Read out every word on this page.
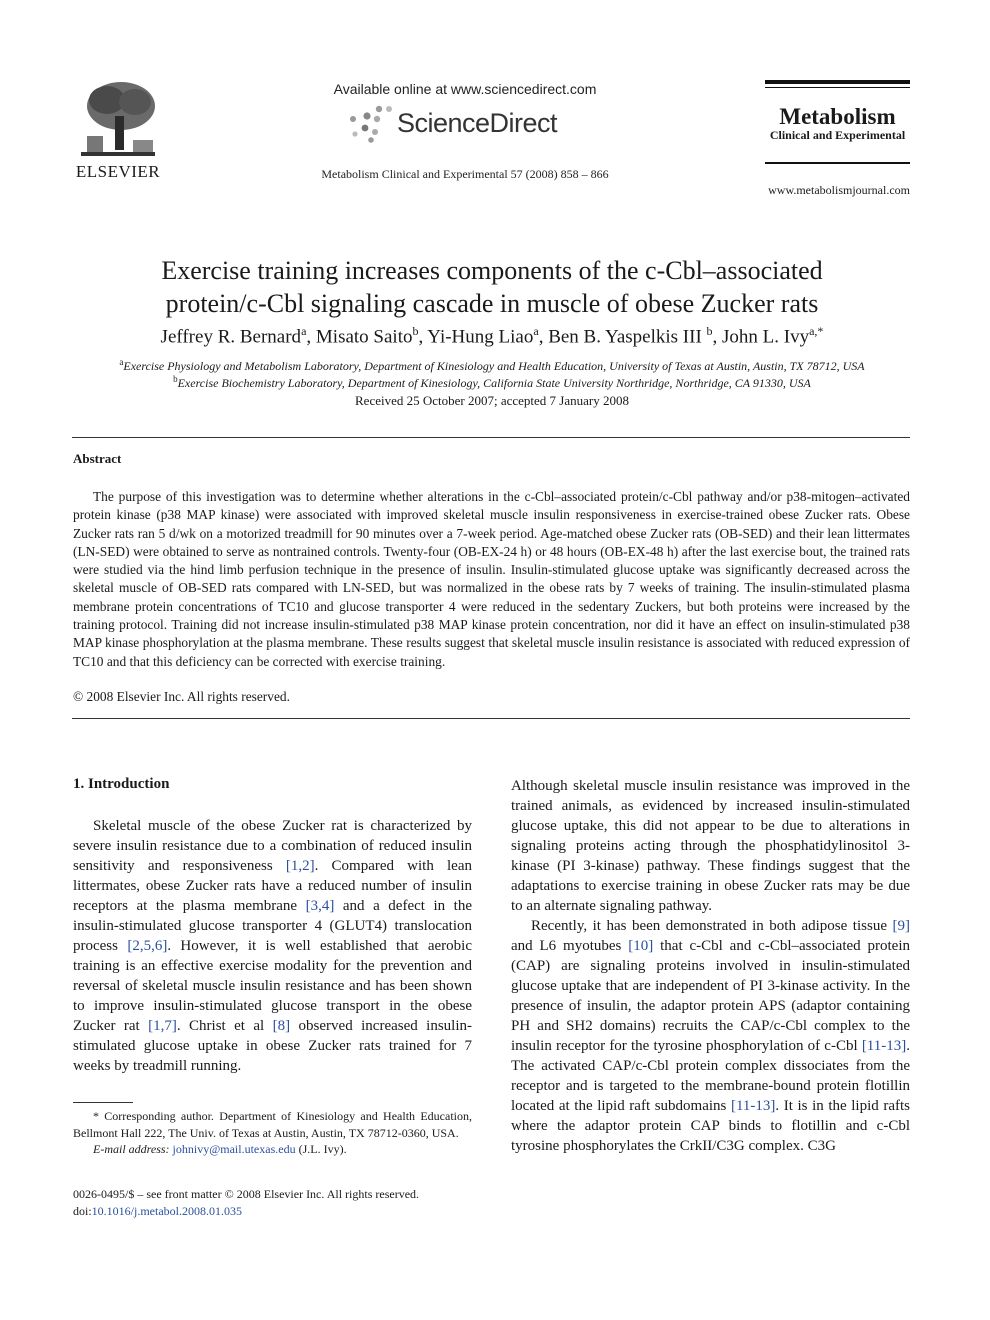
ELSEVIER
Available online at www.sciencedirect.com
ScienceDirect
Metabolism Clinical and Experimental 57 (2008) 858 – 866
Metabolism
Clinical and Experimental
www.metabolismjournal.com
Exercise training increases components of the c-Cbl–associated
protein/c-Cbl signaling cascade in muscle of obese Zucker rats
Jeffrey R. Bernard$^a$, Misato Saito$^b$, Yi-Hung Liao$^a$, Ben B. Yaspelkis III $^b$, John L. Ivy$^{a,*}$
$^a$Exercise Physiology and Metabolism Laboratory, Department of Kinesiology and Health Education, University of Texas at Austin, Austin, TX 78712, USA
$^b$Exercise Biochemistry Laboratory, Department of Kinesiology, California State University Northridge, Northridge, CA 91330, USA
Received 25 October 2007; accepted 7 January 2008
Abstract

The purpose of this investigation was to determine whether alterations in the c-Cbl–associated protein/c-Cbl pathway and/or p38-mitogen–activated protein kinase (p38 MAP kinase) were associated with improved skeletal muscle insulin responsiveness in exercise-trained obese Zucker rats. Obese Zucker rats ran 5 d/wk on a motorized treadmill for 90 minutes over a 7-week period. Age-matched obese Zucker rats (OB-SED) and their lean littermates (LN-SED) were obtained to serve as nontrained controls. Twenty-four (OB-EX-24 h) or 48 hours (OB-EX-48 h) after the last exercise bout, the trained rats were studied via the hind limb perfusion technique in the presence of insulin. Insulin-stimulated glucose uptake was significantly decreased across the skeletal muscle of OB-SED rats compared with LN-SED, but was normalized in the obese rats by 7 weeks of training. The insulin-stimulated plasma membrane protein concentrations of TC10 and glucose transporter 4 were reduced in the sedentary Zuckers, but both proteins were increased by the training protocol. Training did not increase insulin-stimulated p38 MAP kinase protein concentration, nor did it have an effect on insulin-stimulated p38 MAP kinase phosphorylation at the plasma membrane. These results suggest that skeletal muscle insulin resistance is associated with reduced expression of TC10 and that this deficiency can be corrected with exercise training.

© 2008 Elsevier Inc. All rights reserved.
1. Introduction

Skeletal muscle of the obese Zucker rat is characterized by severe insulin resistance due to a combination of reduced insulin sensitivity and responsiveness [1,2]. Compared with lean littermates, obese Zucker rats have a reduced number of insulin receptors at the plasma membrane [3,4] and a defect in the insulin-stimulated glucose transporter 4 (GLUT4) translocation process [2,5,6]. However, it is well established that aerobic training is an effective exercise modality for the prevention and reversal of skeletal muscle insulin resistance and has been shown to improve insulin-stimulated glucose transport in the obese Zucker rat [1,7]. Christ et al [8] observed increased insulin-stimulated glucose uptake in obese Zucker rats trained for 7 weeks by treadmill running.

Although skeletal muscle insulin resistance was improved in the trained animals, as evidenced by increased insulin-stimulated glucose uptake, this did not appear to be due to alterations in signaling proteins acting through the phosphatidylinositol 3-kinase (PI 3-kinase) pathway. These findings suggest that the adaptations to exercise training in obese Zucker rats may be due to an alternate signaling pathway.

Recently, it has been demonstrated in both adipose tissue [9] and L6 myotubes [10] that c-Cbl and c-Cbl–associated protein (CAP) are signaling proteins involved in insulin-stimulated glucose uptake that are independent of PI 3-kinase activity. In the presence of insulin, the adaptor protein APS (adaptor containing PH and SH2 domains) recruits the CAP/c-Cbl complex to the insulin receptor for the tyrosine phosphorylation of c-Cbl [11-13]. The activated CAP/c-Cbl protein complex dissociates from the receptor and is targeted to the membrane-bound protein flotillin located at the lipid raft subdomains [11-13]. It is in the lipid rafts where the adaptor protein CAP binds to flotillin and c-Cbl tyrosine phosphorylates the CrkII/C3G complex. C3G

* Corresponding author. Department of Kinesiology and Health Education, Bellmont Hall 222, The Univ. of Texas at Austin, Austin, TX 78712-0360, USA.

E-mail address: johnivy@mail.utexas.edu (J.L. Ivy).

0026-0495/$ – see front matter © 2008 Elsevier Inc. All rights reserved.
doi:10.1016/j.metabol.2008.01.035
